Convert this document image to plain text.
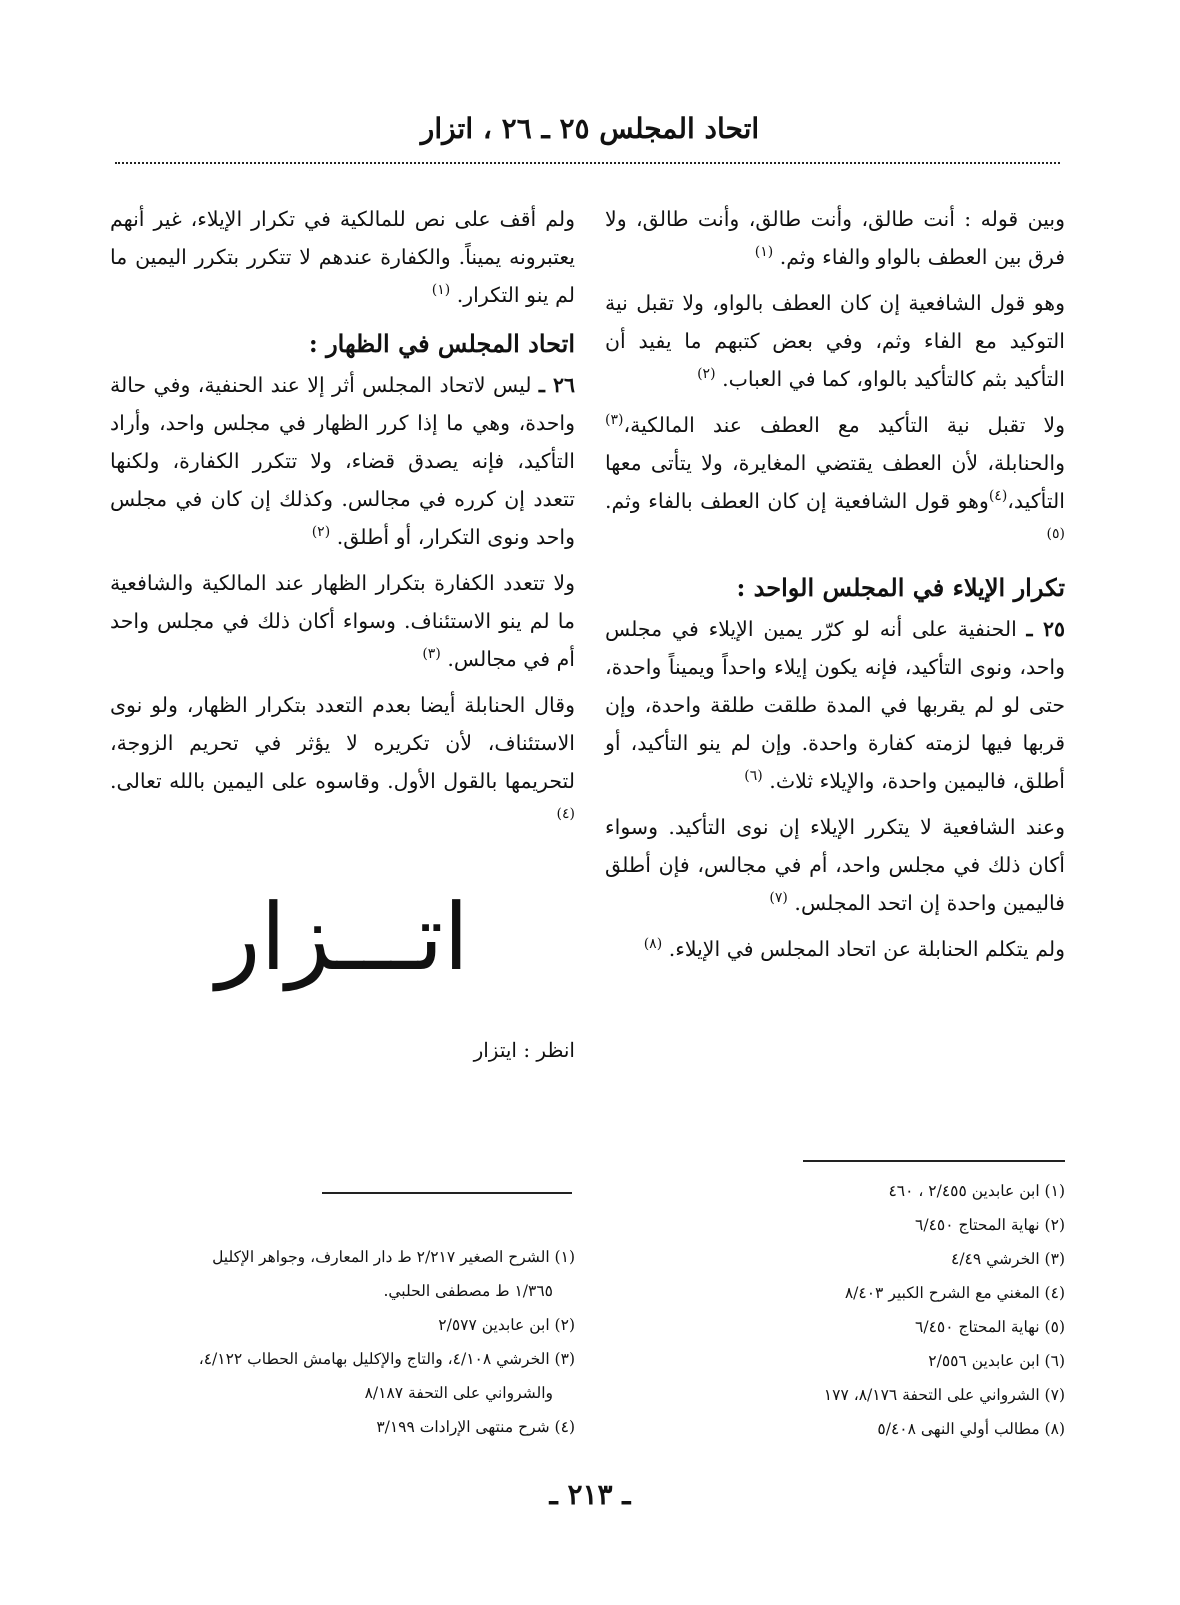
اتحاد المجلس ٢٥ ـ ٢٦ ، اتزار

وبين قوله : أنت طالق، وأنت طالق، وأنت طالق، ولا فرق بين العطف بالواو والفاء وثم. $^{(١)}$

وهو قول الشافعية إن كان العطف بالواو، ولا تقبل نية التوكيد مع الفاء وثم، وفي بعض كتبهم ما يفيد أن التأكيد بثم كالتأكيد بالواو، كما في العباب. $^{(٢)}$

ولا تقبل نية التأكيد مع العطف عند المالكية،$^{(٣)}$ والحنابلة، لأن العطف يقتضي المغايرة، ولا يتأتى معها التأكيد،$^{(٤)}$وهو قول الشافعية إن كان العطف بالفاء وثم. $^{(٥)}$

تكرار الإيلاء في المجلس الواحد :

٢٥ ـ الحنفية على أنه لو كرّر يمين الإيلاء في مجلس واحد، ونوى التأكيد، فإنه يكون إيلاء واحداً ويميناً واحدة، حتى لو لم يقربها في المدة طلقت طلقة واحدة، وإن قربها فيها لزمته كفارة واحدة. وإن لم ينو التأكيد، أو أطلق، فاليمين واحدة، والإيلاء ثلاث. $^{(٦)}$

وعند الشافعية لا يتكرر الإيلاء إن نوى التأكيد. وسواء أكان ذلك في مجلس واحد، أم في مجالس، فإن أطلق فاليمين واحدة إن اتحد المجلس. $^{(٧)}$

ولم يتكلم الحنابلة عن اتحاد المجلس في الإيلاء. $^{(٨)}$

ولم أقف على نص للمالكية في تكرار الإيلاء، غير أنهم يعتبرونه يميناً. والكفارة عندهم لا تتكرر بتكرر اليمين ما لم ينو التكرار. $^{(١)}$

اتحاد المجلس في الظهار :

٢٦ ـ ليس لاتحاد المجلس أثر إلا عند الحنفية، وفي حالة واحدة، وهي ما إذا كرر الظهار في مجلس واحد، وأراد التأكيد، فإنه يصدق قضاء، ولا تتكرر الكفارة، ولكنها تتعدد إن كرره في مجالس. وكذلك إن كان في مجلس واحد ونوى التكرار، أو أطلق. $^{(٢)}$

ولا تتعدد الكفارة بتكرار الظهار عند المالكية والشافعية ما لم ينو الاستئناف. وسواء أكان ذلك في مجلس واحد أم في مجالس. $^{(٣)}$

وقال الحنابلة أيضا بعدم التعدد بتكرار الظهار، ولو نوى الاستئناف، لأن تكريره لا يؤثر في تحريم الزوجة، لتحريمها بالقول الأول. وقاسوه على اليمين بالله تعالى. $^{(٤)}$

اتـــزار
انظر : ايتزار
(١) ابن عابدين ٢/٤٥٥ ، ٤٦٠
(٢) نهاية المحتاج ٦/٤٥٠
(٣) الخرشي ٤/٤٩
(٤) المغني مع الشرح الكبير ٨/٤٠٣
(٥) نهاية المحتاج ٦/٤٥٠
(٦) ابن عابدين ٢/٥٥٦
(٧) الشرواني على التحفة ٨/١٧٦، ١٧٧
(٨) مطالب أولي النهى ٥/٤٠٨
(١) الشرح الصغير ٢/٢١٧ ط دار المعارف، وجواهر الإكليل
١/٣٦٥ ط مصطفى الحلبي.
(٢) ابن عابدين ٢/٥٧٧
(٣) الخرشي ٤/١٠٨، والتاج والإكليل بهامش الحطاب ٤/١٢٢،
والشرواني على التحفة ٨/١٨٧
(٤) شرح منتهى الإرادات ٣/١٩٩
ـ ٢١٣ ـ
